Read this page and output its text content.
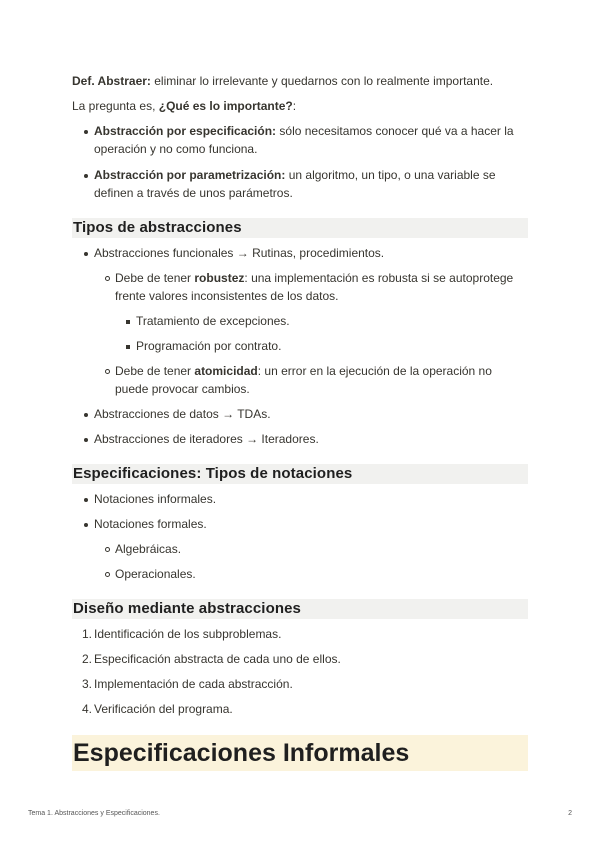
Def. Abstraer: eliminar lo irrelevante y quedarnos con lo realmente importante.

La pregunta es, ¿Qué es lo importante?:

Abstracción por especificación: sólo necesitamos conocer qué va a hacer la
operación y no como funciona.
Abstracción por parametrización: un algoritmo, un tipo, o una variable se
definen a través de unos parámetros.
Tipos de abstracciones
Abstracciones funcionales → Rutinas, procedimientos.
Debe de tener robustez: una implementación es robusta si se autoprotege
frente valores inconsistentes de los datos.
Tratamiento de excepciones.
Programación por contrato.
Debe de tener atomicidad: un error en la ejecución de la operación no
puede provocar cambios.
Abstracciones de datos → TDAs.
Abstracciones de iteradores → Iteradores.
Especificaciones: Tipos de notaciones
Notaciones informales.
Notaciones formales.
Algebráicas.
Operacionales.
Diseño mediante abstracciones
1. Identificación de los subproblemas.
2. Especificación abstracta de cada uno de ellos.
3. Implementación de cada abstracción.
4. Verificación del programa.
Especificaciones Informales
Tema 1. Abstracciones y Especificaciones.	2
